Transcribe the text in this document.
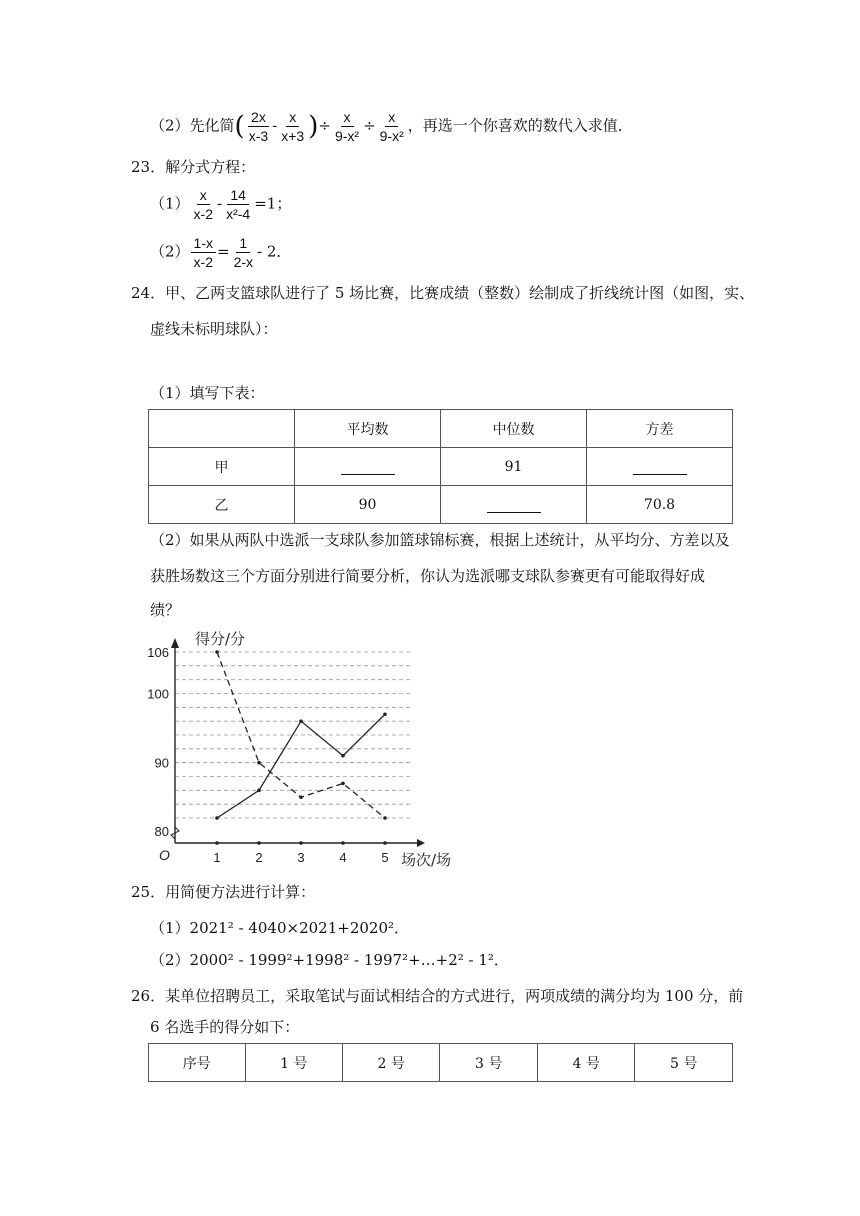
（2）先化简( $\frac{2x}{x-3} - \frac{x}{x+3}$ )÷ $\frac{x}{\text{9-x²}} \div \frac{x}{\text{9-x²}}$ ，再选一个你喜欢的数代入求值．
23．解分式方程：
$(1) \frac{x}{x-2} - \frac{14}{\text{x²-4}} =1$；
$(2) \frac{1-x}{x-2} = \frac{1}{2-x} - 2$．
24．甲、乙两支篮球队进行了 5 场比赛，比赛成绩（整数）绘制成了折线统计图（如图，实、
虚线未标明球队）：
（1）填写下表：
	平均数	中位数	方差
甲		91	
乙	90		70.8
（2）如果从两队中选派一支球队参加篮球锦标赛，根据上述统计，从平均分、方差以及
获胜场数这三个方面分别进行简要分析，你认为选派哪支球队参赛更有可能取得好成
绩？
80
90
100
106
1	2	3	4	5
O
得分/分
场次/场
25．用简便方法进行计算：
（1）2021² - 4040×2021+2020²．
（2）2000² - 1999²+1998² - 1997²+…+2² - 1²．
26．某单位招聘员工，采取笔试与面试相结合的方式进行，两项成绩的满分均为 100 分，前
6 名选手的得分如下：
序号	1 号	2 号	3 号	4 号	5 号
